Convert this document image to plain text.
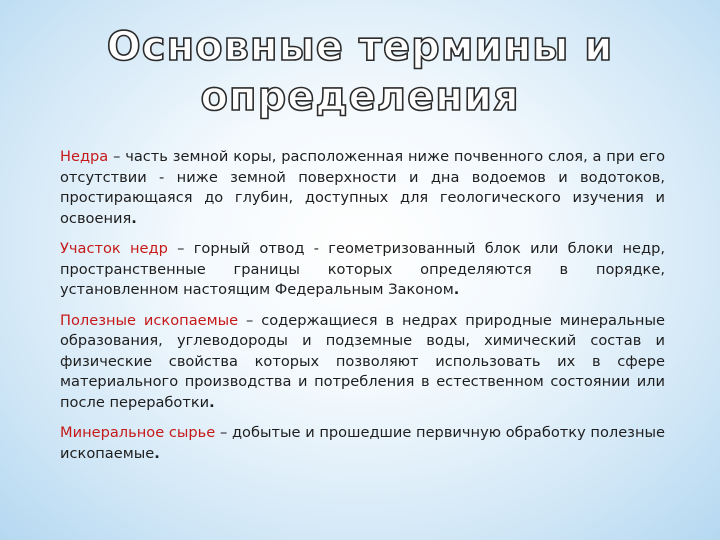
Основные термины и
определения

Недра – часть земной коры, расположенная ниже почвенного слоя, а при его отсутствии - ниже земной поверхности и дна водоемов и водотоков, простирающаяся до глубин, доступных для геологического изучения и освоения.

Участок недр – горный отвод - геометризованный блок или блоки недр, пространственные границы которых определяются в порядке, установленном настоящим Федеральным Законом.

Полезные ископаемые – содержащиеся в недрах природные минеральные образования, углеводороды и подземные воды, химический состав и физические свойства которых позволяют использовать их в сфере материального производства и потребления в естественном состоянии или после переработки.

Минеральное сырье – добытые и прошедшие первичную обработку полезные ископаемые.
